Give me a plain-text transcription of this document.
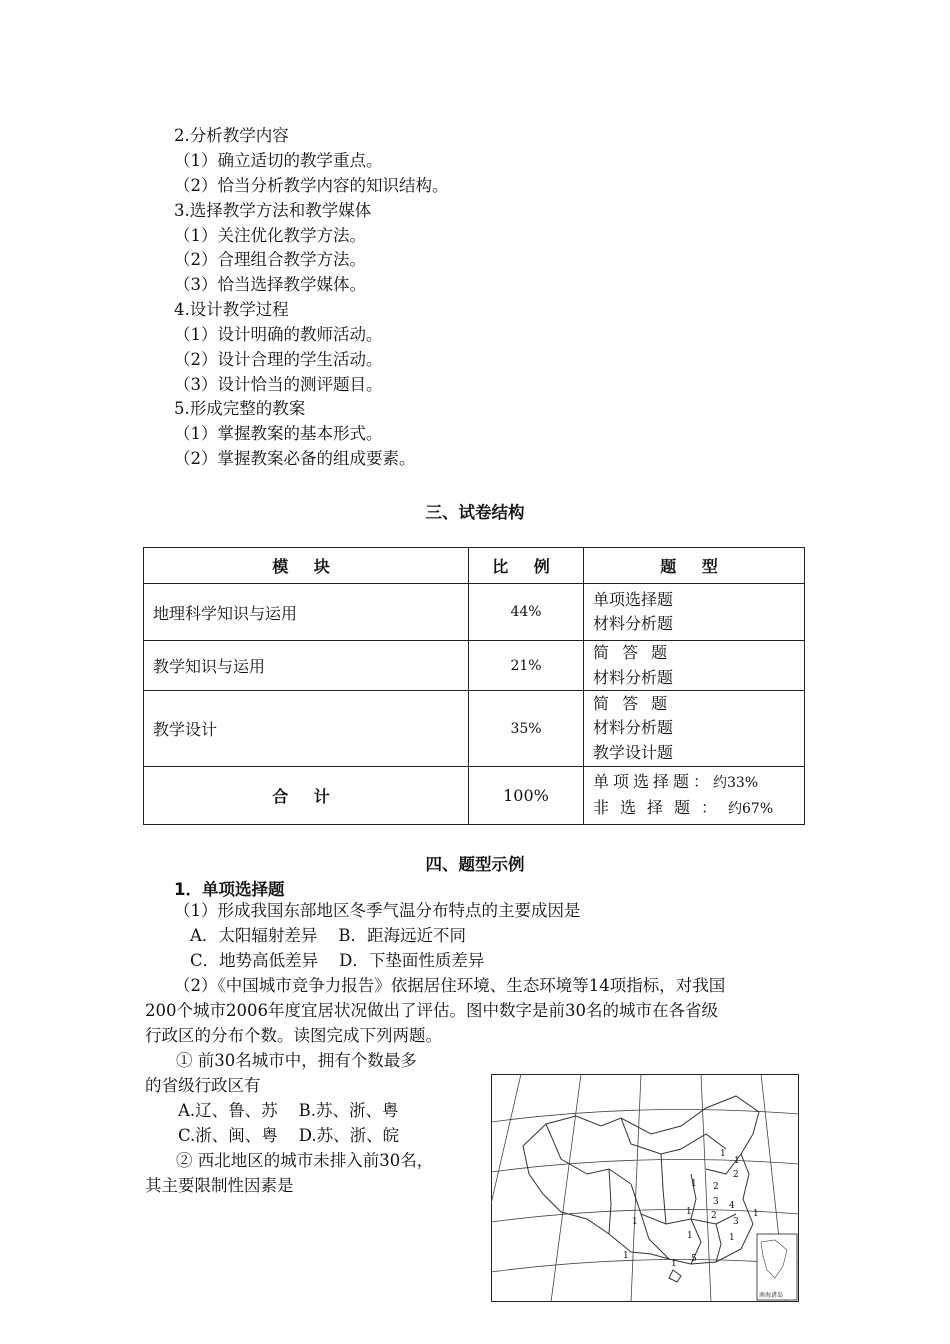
2.分析教学内容
（1）确立适切的教学重点。
（2）恰当分析教学内容的知识结构。
3.选择教学方法和教学媒体
（1）关注优化教学方法。
（2）合理组合教学方法。
（3）恰当选择教学媒体。
4.设计教学过程
（1）设计明确的教师活动。
（2）设计合理的学生活动。
（3）设计恰当的测评题目。
5.形成完整的教案
（1）掌握教案的基本形式。
（2）掌握教案必备的组成要素。
三、试卷结构
模 块	比 例	题 型
地理科学知识与运用	44%	单项选择题
材料分析题

教学知识与运用	21%	简 答 题
材料分析题

教学设计	35%	简 答 题
材料分析题
教学设计题

合 计	100%	单项选择题：约33%
非选择题：约67%
四、题型示例
1．单项选择题
（1）形成我国东部地区冬季气温分布特点的主要成因是
A．太阳辐射差异    B．距海远近不同
C．地势高低差异    D．下垫面性质差异
（2）《中国城市竞争力报告》依据居住环境、生态环境等14项指标，对我国
200个城市2006年度宜居状况做出了评估。图中数字是前30名的城市在各省级
行政区的分布个数。读图完成下列两题。
① 前30名城市中，拥有个数最多
的省级行政区有
A.辽、鲁、苏    B.苏、浙、粤
C.浙、闽、粤    D.苏、浙、皖
② 西北地区的城市未排入前30名，
其主要限制性因素是
1
1
2
2
3
1
4
1 2
3
1
1
1
5
1
1
1
南海诸岛
